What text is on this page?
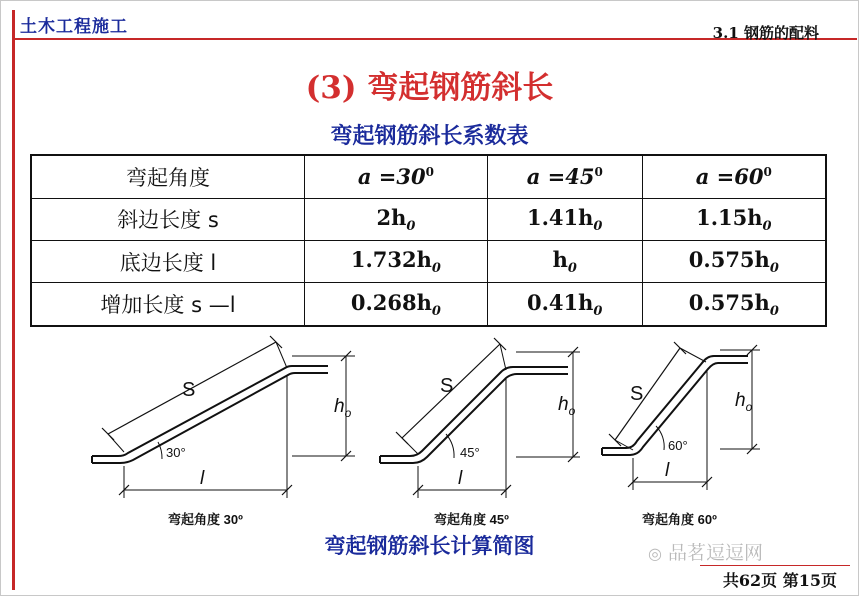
土木工程施工	3.1 钢筋的配料
(3) 弯起钢筋斜长
弯起钢筋斜长系数表
弯起角度	$a =30^0$	$a =45^0$	$a =60^0$
斜边长度 s	$2h_0$	$1.41h_0$	$1.15h_0$
底边长度 l	$1.732h_0$	$h_0$	$0.575h_0$
增加长度 s —l	$0.268h_0$	$0.41h_0$	$0.575h_0$
S
30°
$h_o$
l
弯起角度 30º
S
45°
$h_o$
l
弯起角度 45º
S
60°
$h_o$
l
弯起角度 60º
弯起钢筋斜长计算简图	◎ 品茗逗逗网
共62页 第15页
